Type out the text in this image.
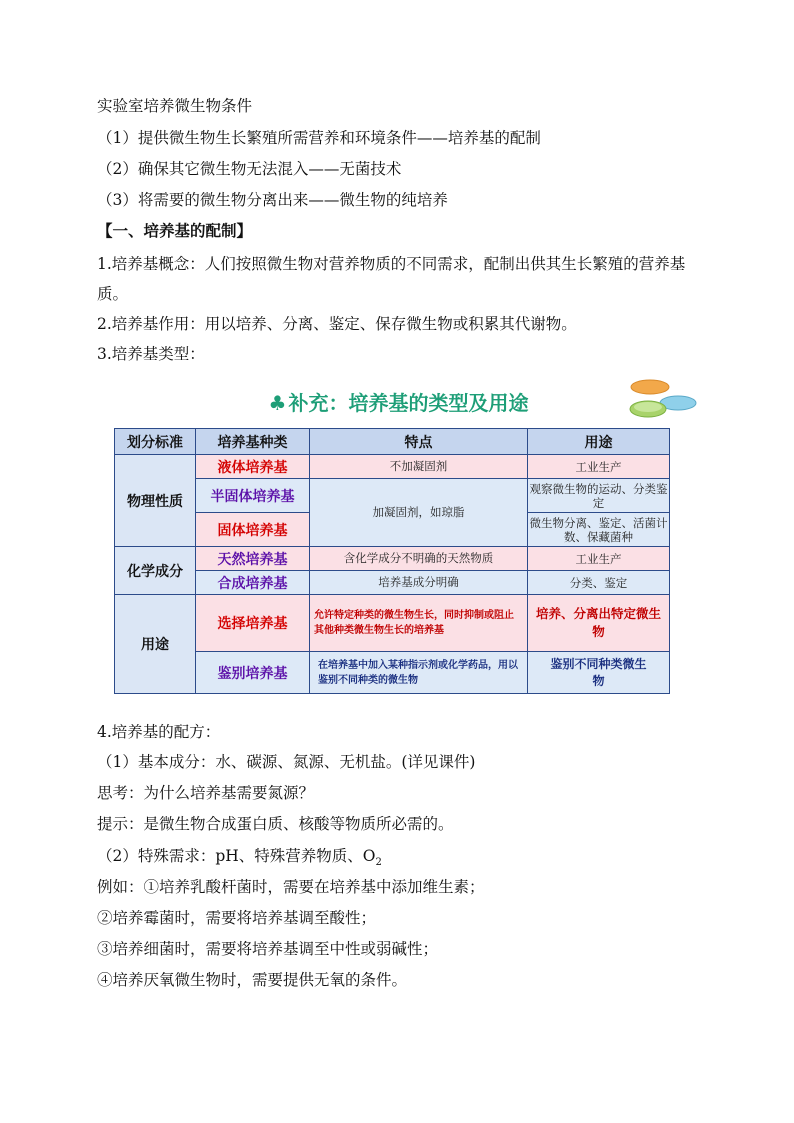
实验室培养微生物条件
（1）提供微生物生长繁殖所需营养和环境条件——培养基的配制
（2）确保其它微生物无法混入——无菌技术
（3）将需要的微生物分离出来——微生物的纯培养
【一、培养基的配制】
1.培养基概念：人们按照微生物对营养物质的不同需求，配制出供其生长繁殖的营养基
质。
2.培养基作用：用以培养、分离、鉴定、保存微生物或积累其代谢物。
3.培养基类型：
♣ 补充：培养基的类型及用途
划分标准	培养基种类	特点	用途
物理性质	液体培养基	不加凝固剂	工业生产
	半固体培养基	加凝固剂，如琼脂	观察微生物的运动、分类鉴定
	固体培养基		微生物分离、鉴定、活菌计数、保藏菌种
化学成分	天然培养基	含化学成分不明确的天然物质	工业生产
	合成培养基	培养基成分明确	分类、鉴定
用途	选择培养基	允许特定种类的微生物生长，同时抑制或阻止其他种类微生物生长的培养基	培养、分离出特定微生物
	鉴别培养基	在培养基中加入某种指示剂或化学药品，用以鉴别不同种类的微生物	鉴别不同种类微生物
4.培养基的配方：
（1）基本成分：水、碳源、氮源、无机盐。(详见课件)
思考：为什么培养基需要氮源？
提示：是微生物合成蛋白质、核酸等物质所必需的。
（2）特殊需求：pH、特殊营养物质、$O_2$
例如：①培养乳酸杆菌时，需要在培养基中添加维生素；
②培养霉菌时，需要将培养基调至酸性；
③培养细菌时，需要将培养基调至中性或弱碱性；
④培养厌氧微生物时，需要提供无氧的条件。
